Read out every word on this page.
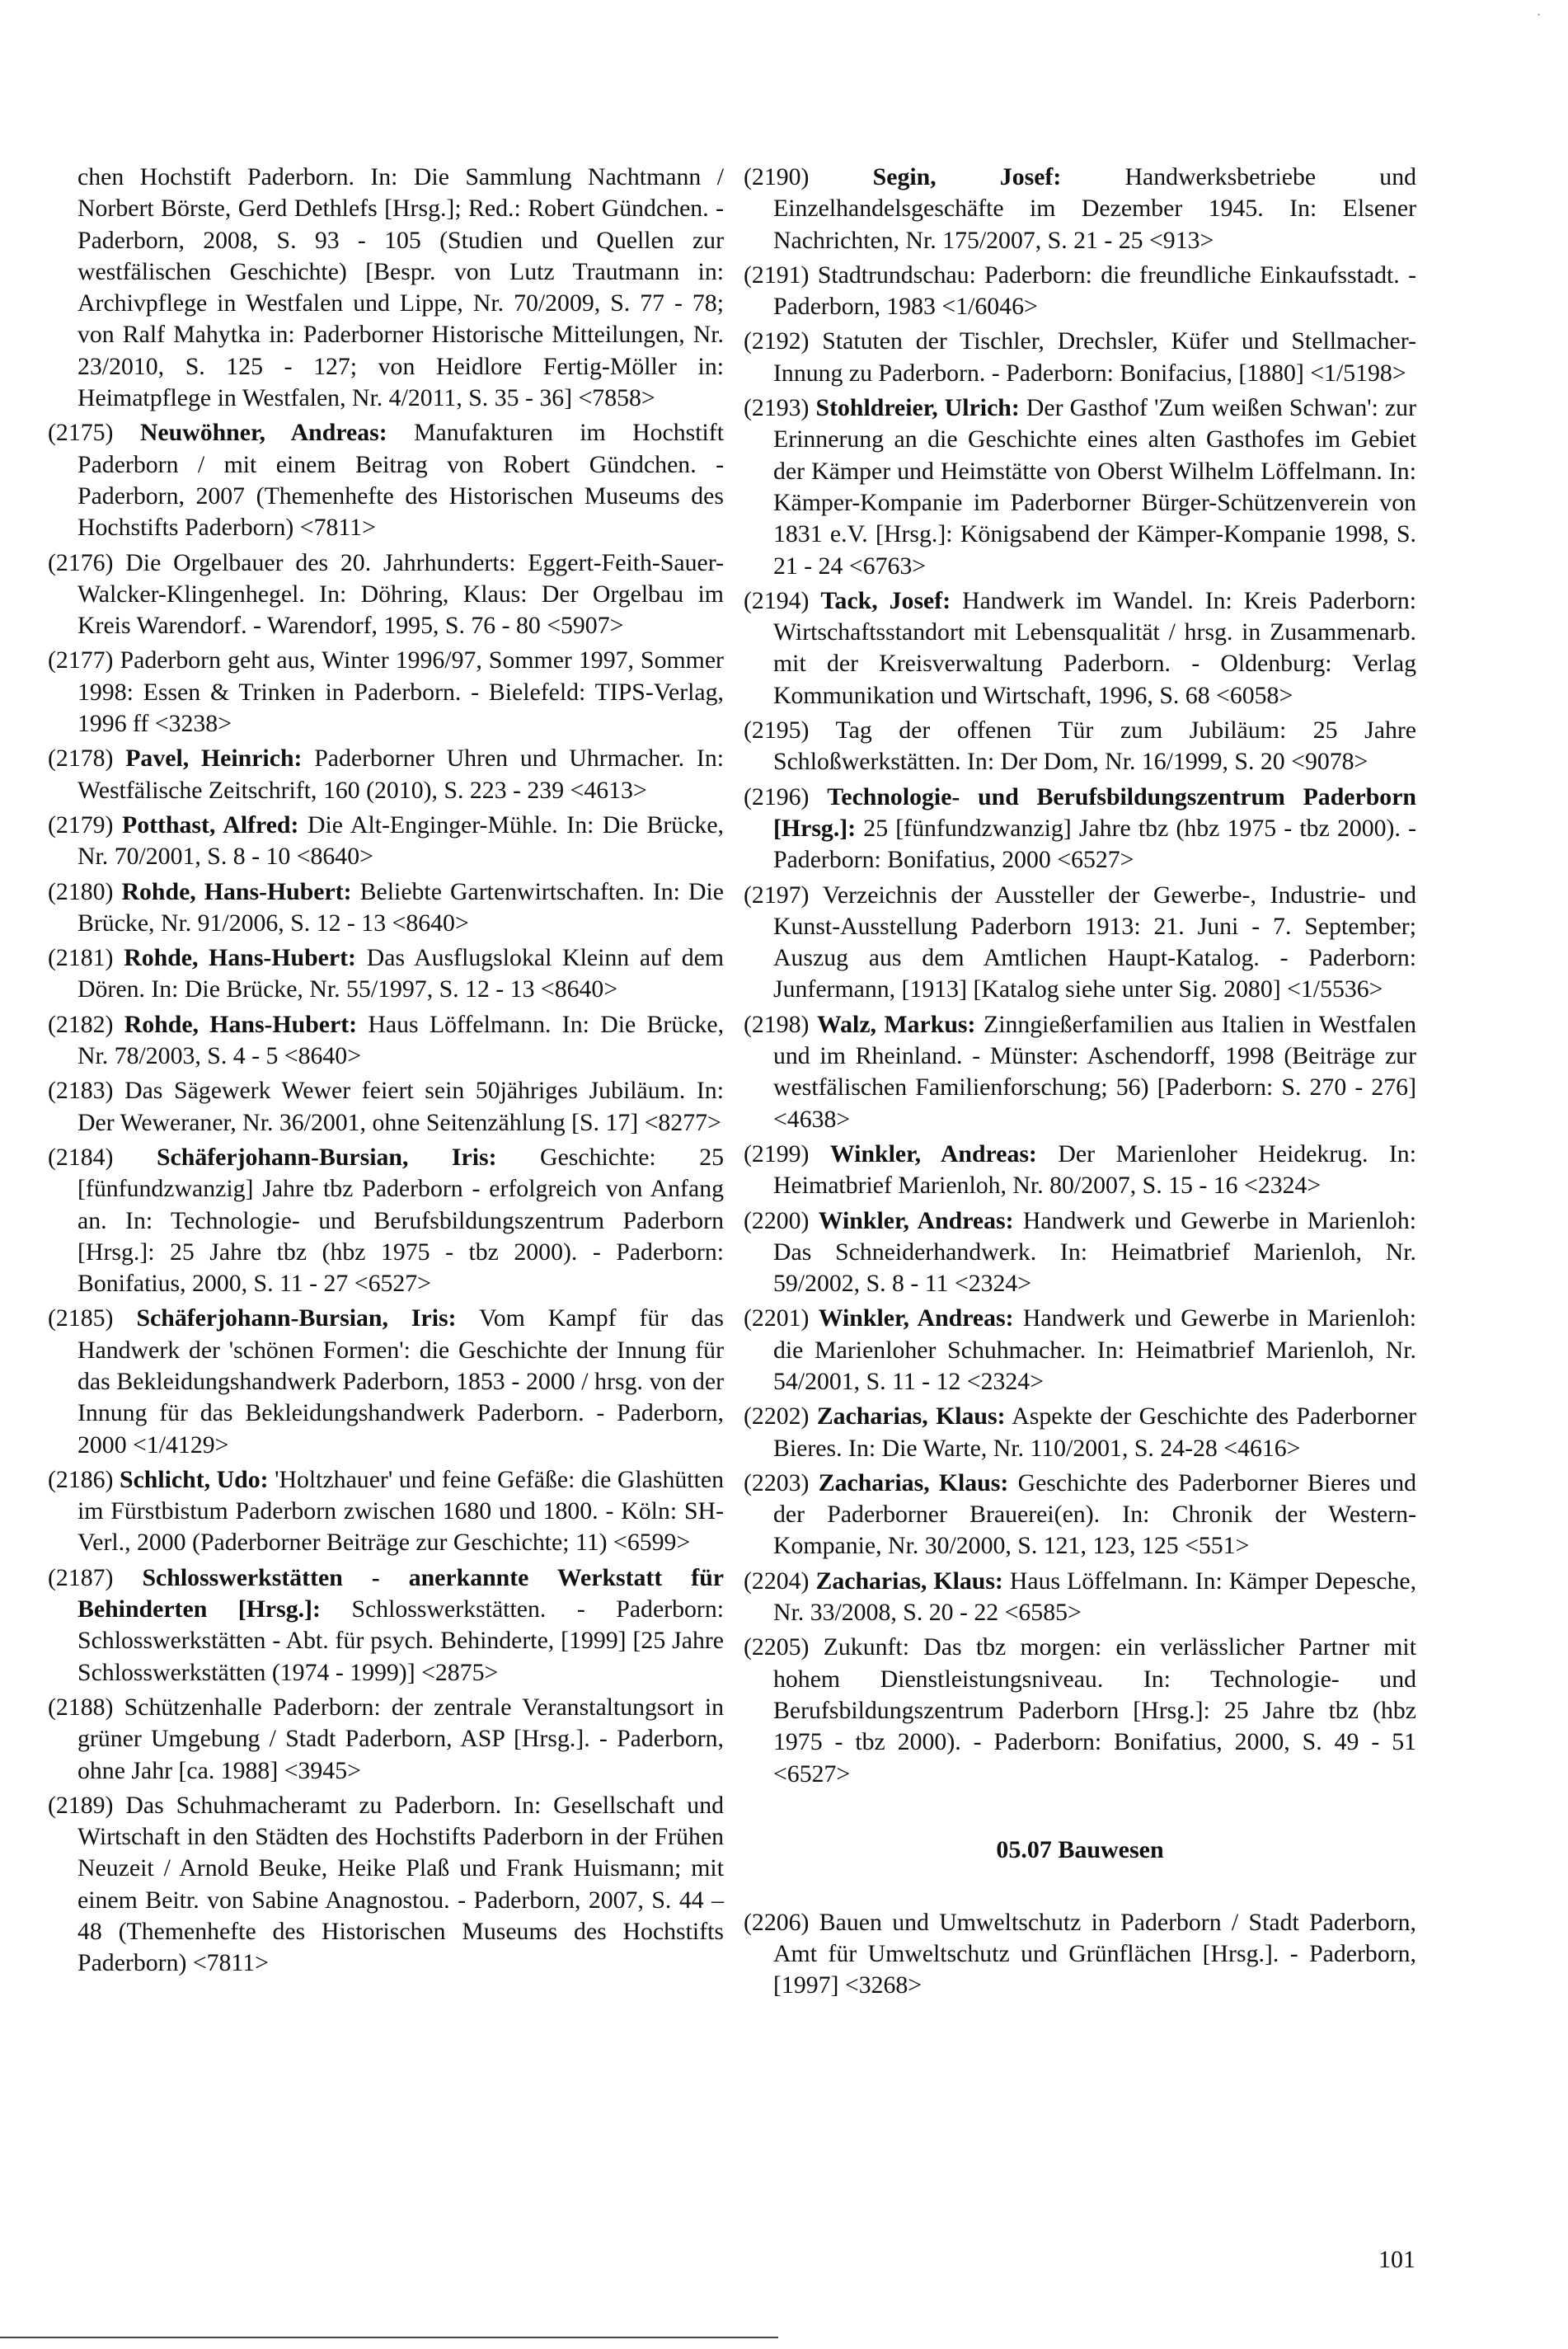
·

chen Hochstift Paderborn. In: Die Sammlung Nachtmann / Norbert Börste, Gerd Dethlefs [Hrsg.]; Red.: Robert Gündchen. - Paderborn, 2008, S. 93 - 105 (Studien und Quellen zur westfälischen Geschichte) [Bespr. von Lutz Trautmann in: Archivpflege in Westfalen und Lippe, Nr. 70/2009, S. 77 - 78; von Ralf Mahytka in: Paderborner Historische Mitteilungen, Nr. 23/2010, S. 125 - 127; von Heidlore Fertig-Möller in: Heimatpflege in Westfalen, Nr. 4/2011, S. 35 - 36] <7858>

(2175) Neuwöhner, Andreas: Manufakturen im Hochstift Paderborn / mit einem Beitrag von Robert Gündchen. - Paderborn, 2007 (Themenhefte des Historischen Museums des Hochstifts Paderborn) <7811>

(2176) Die Orgelbauer des 20. Jahrhunderts: Eggert-Feith-Sauer-Walcker-Klingenhegel. In: Döhring, Klaus: Der Orgelbau im Kreis Warendorf. - Warendorf, 1995, S. 76 - 80 <5907>

(2177) Paderborn geht aus, Winter 1996/97, Sommer 1997, Sommer 1998: Essen & Trinken in Paderborn. - Bielefeld: TIPS-Verlag, 1996 ff <3238>

(2178) Pavel, Heinrich: Paderborner Uhren und Uhrmacher. In: Westfälische Zeitschrift, 160 (2010), S. 223 - 239 <4613>

(2179) Potthast, Alfred: Die Alt-Enginger-Mühle. In: Die Brücke, Nr. 70/2001, S. 8 - 10 <8640>

(2180) Rohde, Hans-Hubert: Beliebte Gartenwirtschaften. In: Die Brücke, Nr. 91/2006, S. 12 - 13 <8640>

(2181) Rohde, Hans-Hubert: Das Ausflugslokal Kleinn auf dem Dören. In: Die Brücke, Nr. 55/1997, S. 12 - 13 <8640>

(2182) Rohde, Hans-Hubert: Haus Löffelmann. In: Die Brücke, Nr. 78/2003, S. 4 - 5 <8640>

(2183) Das Sägewerk Wewer feiert sein 50jähriges Jubiläum. In: Der Weweraner, Nr. 36/2001, ohne Seitenzählung [S. 17] <8277>

(2184) Schäferjohann-Bursian, Iris: Geschichte: 25 [fünfundzwanzig] Jahre tbz Paderborn - erfolgreich von Anfang an. In: Technologie- und Berufsbildungszentrum Paderborn [Hrsg.]: 25 Jahre tbz (hbz 1975 - tbz 2000). - Paderborn: Bonifatius, 2000, S. 11 - 27 <6527>

(2185) Schäferjohann-Bursian, Iris: Vom Kampf für das Handwerk der 'schönen Formen': die Geschichte der Innung für das Bekleidungshandwerk Paderborn, 1853 - 2000 / hrsg. von der Innung für das Bekleidungshandwerk Paderborn. - Paderborn, 2000 <1/4129>

(2186) Schlicht, Udo: 'Holtzhauer' und feine Gefäße: die Glashütten im Fürstbistum Paderborn zwischen 1680 und 1800. - Köln: SH-Verl., 2000 (Paderborner Beiträge zur Geschichte; 11) <6599>

(2187) Schlosswerkstätten - anerkannte Werkstatt für Behinderten [Hrsg.]: Schlosswerkstätten. - Paderborn: Schlosswerkstätten - Abt. für psych. Behinderte, [1999] [25 Jahre Schlosswerkstätten (1974 - 1999)] <2875>

(2188) Schützenhalle Paderborn: der zentrale Veranstaltungsort in grüner Umgebung / Stadt Paderborn, ASP [Hrsg.]. - Paderborn, ohne Jahr [ca. 1988] <3945>

(2189) Das Schuhmacheramt zu Paderborn. In: Gesellschaft und Wirtschaft in den Städten des Hochstifts Paderborn in der Frühen Neuzeit / Arnold Beuke, Heike Plaß und Frank Huismann; mit einem Beitr. von Sabine Anagnostou. - Paderborn, 2007, S. 44 – 48 (Themenhefte des Historischen Museums des Hochstifts Paderborn) <7811>

(2190)	Segin, Josef:	Handwerksbetriebe und Einzelhandelsgeschäfte im Dezember 1945. In: Elsener Nachrichten, Nr. 175/2007, S. 21 - 25 <913>

(2191) Stadtrundschau: Paderborn: die freundliche Einkaufsstadt. - Paderborn, 1983 <1/6046>

(2192) Statuten der Tischler, Drechsler, Küfer und Stellmacher-Innung zu Paderborn. - Paderborn: Bonifacius, [1880] <1/5198>

(2193) Stohldreier, Ulrich: Der Gasthof 'Zum weißen Schwan': zur Erinnerung an die Geschichte eines alten Gasthofes im Gebiet der Kämper und Heimstätte von Oberst Wilhelm Löffelmann. In: Kämper-Kompanie im Paderborner Bürger-Schützenverein von 1831 e.V. [Hrsg.]: Königsabend der Kämper-Kompanie 1998, S. 21 - 24 <6763>

(2194) Tack, Josef: Handwerk im Wandel. In: Kreis Paderborn: Wirtschaftsstandort mit Lebensqualität / hrsg. in Zusammenarb. mit der Kreisverwaltung Paderborn. - Oldenburg: Verlag Kommunikation und Wirtschaft, 1996, S. 68 <6058>

(2195) Tag der offenen Tür zum Jubiläum: 25 Jahre Schloßwerkstätten. In: Der Dom, Nr. 16/1999, S. 20 <9078>

(2196) Technologie- und Berufsbildungszentrum Paderborn [Hrsg.]: 25 [fünfundzwanzig] Jahre tbz (hbz 1975 - tbz 2000). - Paderborn: Bonifatius, 2000 <6527>

(2197) Verzeichnis der Aussteller der Gewerbe-, Industrie- und Kunst-Ausstellung Paderborn 1913: 21. Juni - 7. September; Auszug aus dem Amtlichen Haupt-Katalog. - Paderborn: Junfermann, [1913] [Katalog siehe unter Sig. 2080] <1/5536>

(2198) Walz, Markus: Zinngießerfamilien aus Italien in Westfalen und im Rheinland. - Münster: Aschendorff, 1998 (Beiträge zur westfälischen Familienforschung; 56) [Paderborn: S. 270 - 276] <4638>

(2199) Winkler, Andreas: Der Marienloher Heidekrug. In: Heimatbrief Marienloh, Nr. 80/2007, S. 15 - 16 <2324>

(2200) Winkler, Andreas: Handwerk und Gewerbe in Marienloh: Das Schneiderhandwerk. In: Heimatbrief Marienloh, Nr. 59/2002, S. 8 - 11 <2324>

(2201) Winkler, Andreas: Handwerk und Gewerbe in Marienloh: die Marienloher Schuhmacher. In: Heimatbrief Marienloh, Nr. 54/2001, S. 11 - 12 <2324>

(2202) Zacharias, Klaus: Aspekte der Geschichte des Paderborner Bieres. In: Die Warte, Nr. 110/2001, S. 24-28 <4616>

(2203) Zacharias, Klaus: Geschichte des Paderborner Bieres und der Paderborner Brauerei(en). In: Chronik der Western-Kompanie, Nr. 30/2000, S. 121, 123, 125 <551>

(2204) Zacharias, Klaus: Haus Löffelmann. In: Kämper Depesche, Nr. 33/2008, S. 20 - 22 <6585>

(2205) Zukunft: Das tbz morgen: ein verlässlicher Partner mit hohem Dienstleistungsniveau. In: Technologie- und Berufsbildungszentrum Paderborn [Hrsg.]: 25 Jahre tbz (hbz 1975 - tbz 2000). - Paderborn: Bonifatius, 2000, S. 49 - 51 <6527>

05.07 Bauwesen

(2206) Bauen und Umweltschutz in Paderborn / Stadt Paderborn, Amt für Umweltschutz und Grünflächen [Hrsg.]. - Paderborn, [1997] <3268>

101
